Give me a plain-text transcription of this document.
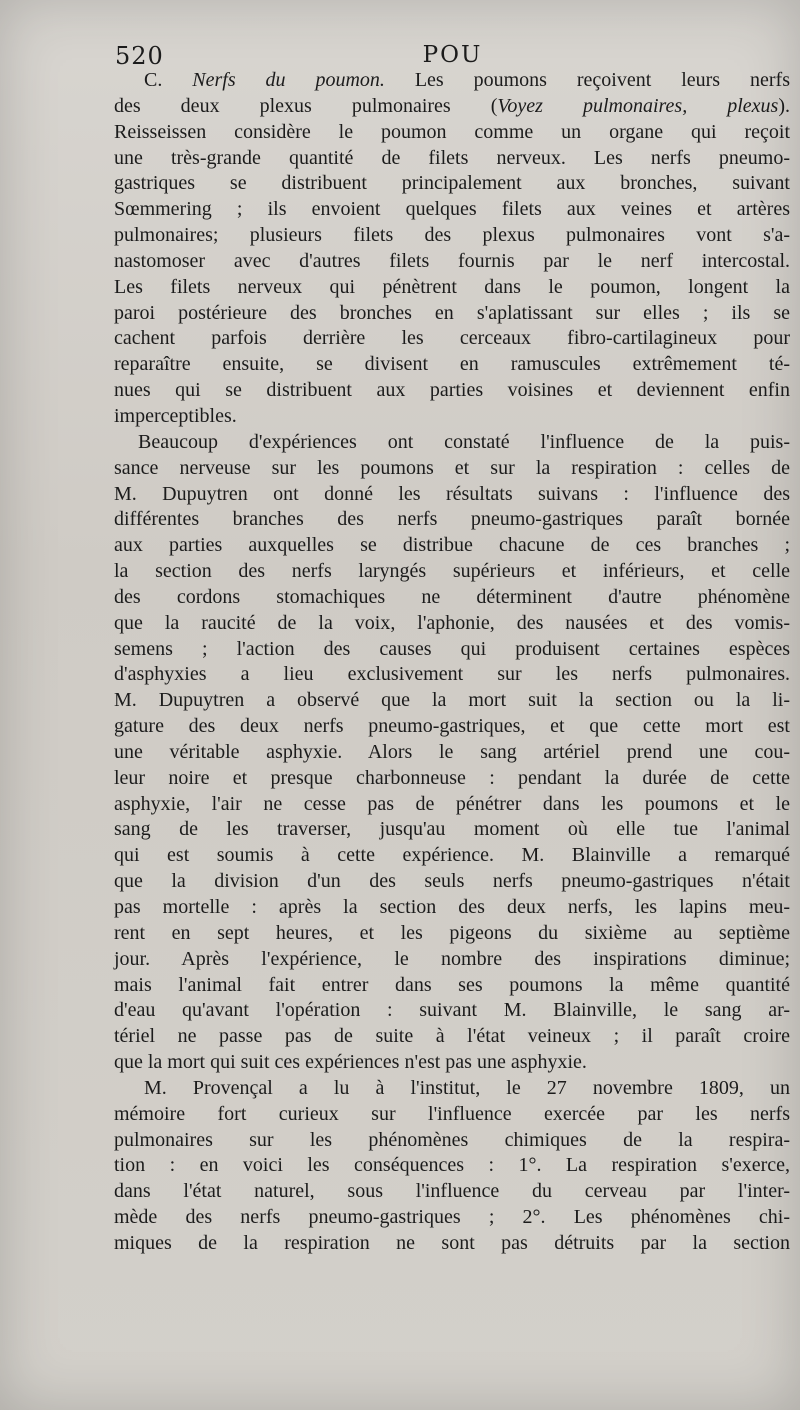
520	POU

C. Nerfs du poumon. Les poumons reçoivent leurs nerfs
des deux plexus pulmonaires (Voyez pulmonaires, plexus).
Reisseissen considère le poumon comme un organe qui reçoit
une très-grande quantité de filets nerveux. Les nerfs pneumo-
gastriques se distribuent principalement aux bronches, suivant
Sœmmering ; ils envoient quelques filets aux veines et artères
pulmonaires; plusieurs filets des plexus pulmonaires vont s'a-
nastomoser avec d'autres filets fournis par le nerf intercostal.
Les filets nerveux qui pénètrent dans le poumon, longent la
paroi postérieure des bronches en s'aplatissant sur elles ; ils se
cachent parfois derrière les cerceaux fibro-cartilagineux pour
reparaître ensuite, se divisent en ramuscules extrêmement té-
nues qui se distribuent aux parties voisines et deviennent enfin
imperceptibles.

Beaucoup d'expériences ont constaté l'influence de la puis-
sance nerveuse sur les poumons et sur la respiration : celles de
M. Dupuytren ont donné les résultats suivans : l'influence des
différentes branches des nerfs pneumo-gastriques paraît bornée
aux parties auxquelles se distribue chacune de ces branches ;
la section des nerfs laryngés supérieurs et inférieurs, et celle
des cordons stomachiques ne déterminent d'autre phénomène
que la raucité de la voix, l'aphonie, des nausées et des vomis-
semens ; l'action des causes qui produisent certaines espèces
d'asphyxies a lieu exclusivement sur les nerfs pulmonaires.
M. Dupuytren a observé que la mort suit la section ou la li-
gature des deux nerfs pneumo-gastriques, et que cette mort est
une véritable asphyxie. Alors le sang artériel prend une cou-
leur noire et presque charbonneuse : pendant la durée de cette
asphyxie, l'air ne cesse pas de pénétrer dans les poumons et le
sang de les traverser, jusqu'au moment où elle tue l'animal
qui est soumis à cette expérience. M. Blainville a remarqué
que la division d'un des seuls nerfs pneumo-gastriques n'était
pas mortelle : après la section des deux nerfs, les lapins meu-
rent en sept heures, et les pigeons du sixième au septième
jour. Après l'expérience, le nombre des inspirations diminue;
mais l'animal fait entrer dans ses poumons la même quantité
d'eau qu'avant l'opération : suivant M. Blainville, le sang ar-
tériel ne passe pas de suite à l'état veineux ; il paraît croire
que la mort qui suit ces expériences n'est pas une asphyxie.

M. Provençal a lu à l'institut, le 27 novembre 1809, un
mémoire fort curieux sur l'influence exercée par les nerfs
pulmonaires sur les phénomènes chimiques de la respira-
tion : en voici les conséquences : 1°. La respiration s'exerce,
dans l'état naturel, sous l'influence du cerveau par l'inter-
mède des nerfs pneumo-gastriques ; 2°. Les phénomènes chi-
miques de la respiration ne sont pas détruits par la section
